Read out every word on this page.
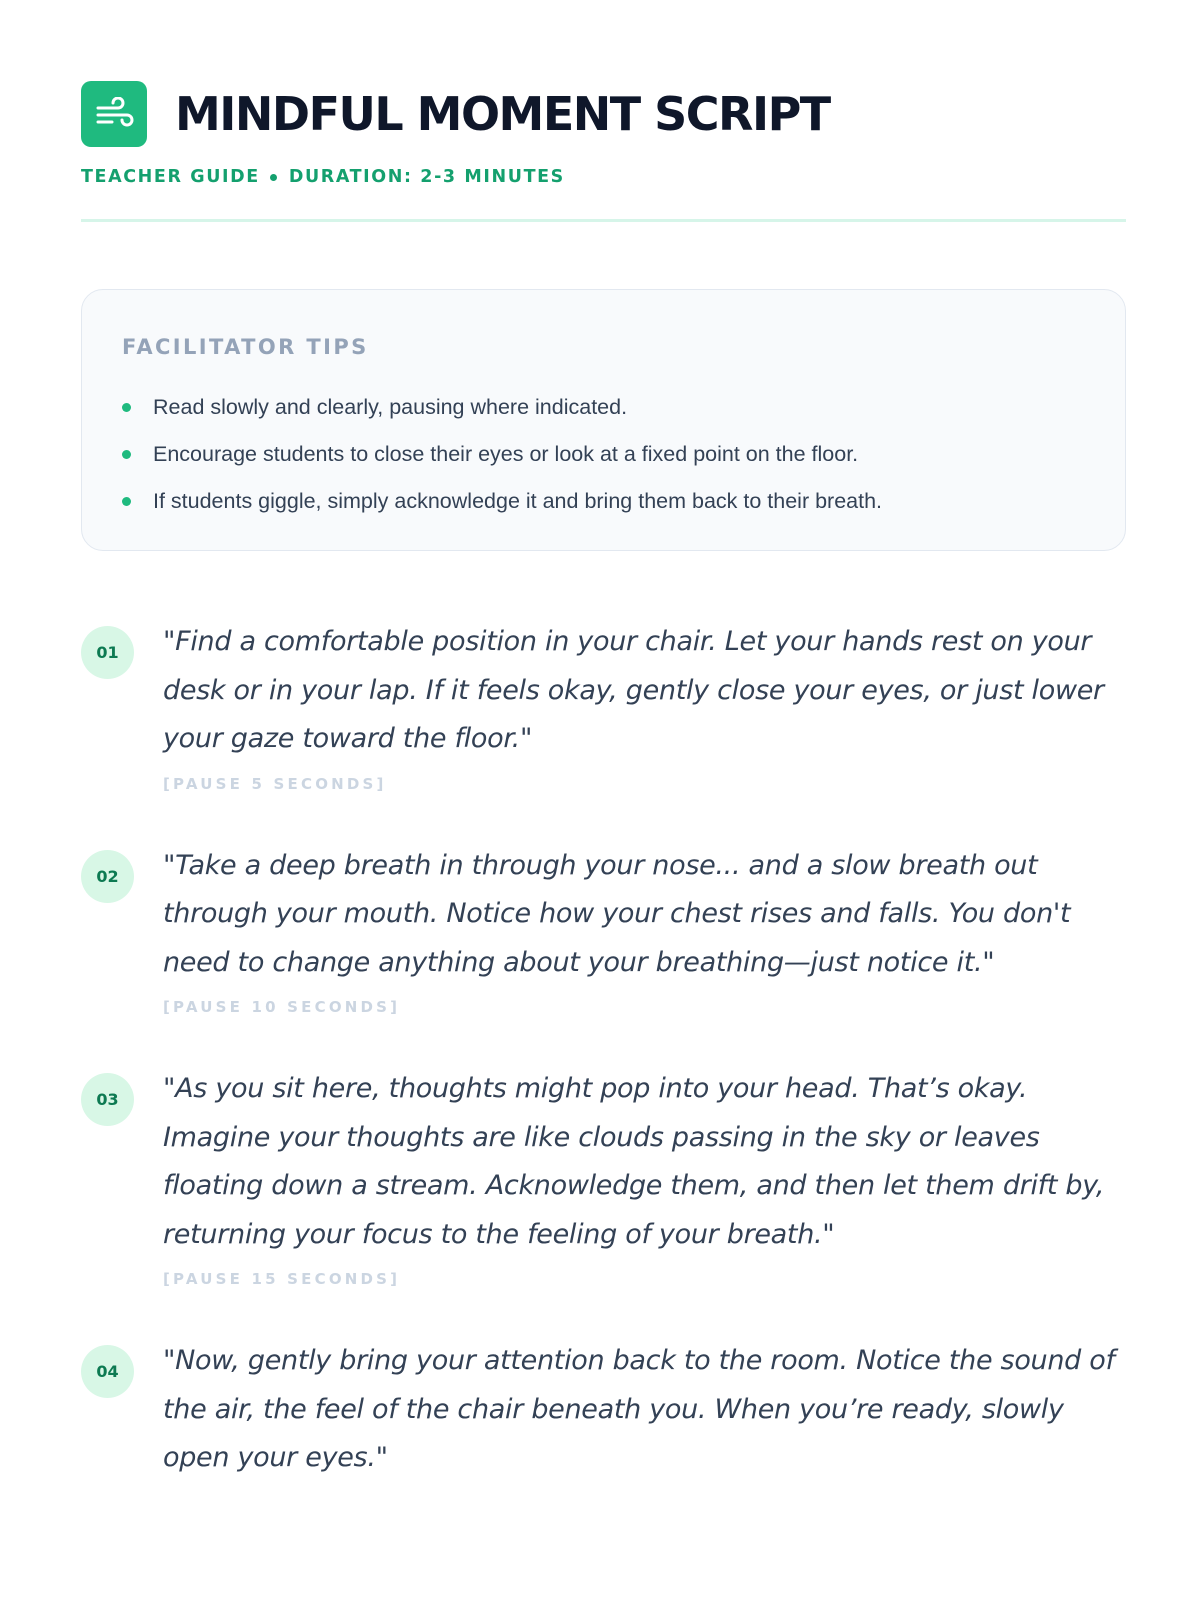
MINDFUL MOMENT SCRIPT
TEACHER GUIDE DURATION: 2-3 MINUTES
FACILITATOR TIPS
Read slowly and clearly, pausing where indicated.
Encourage students to close their eyes or look at a fixed point on the floor.
If students giggle, simply acknowledge it and bring them back to their breath.
01	"Find a comfortable position in your chair. Let your hands rest on your desk or in your lap. If it feels okay, gently close your eyes, or just lower your gaze toward the floor."

[PAUSE 5 SECONDS]
02	"Take a deep breath in through your nose... and a slow breath out through your mouth. Notice how your chest rises and falls. You don't need to change anything about your breathing—just notice it."

[PAUSE 10 SECONDS]
03	"As you sit here, thoughts might pop into your head. That’s okay. Imagine your thoughts are like clouds passing in the sky or leaves floating down a stream. Acknowledge them, and then let them drift by, returning your focus to the feeling of your breath."

[PAUSE 15 SECONDS]
04	"Now, gently bring your attention back to the room. Notice the sound of the air, the feel of the chair beneath you. When you’re ready, slowly open your eyes."
